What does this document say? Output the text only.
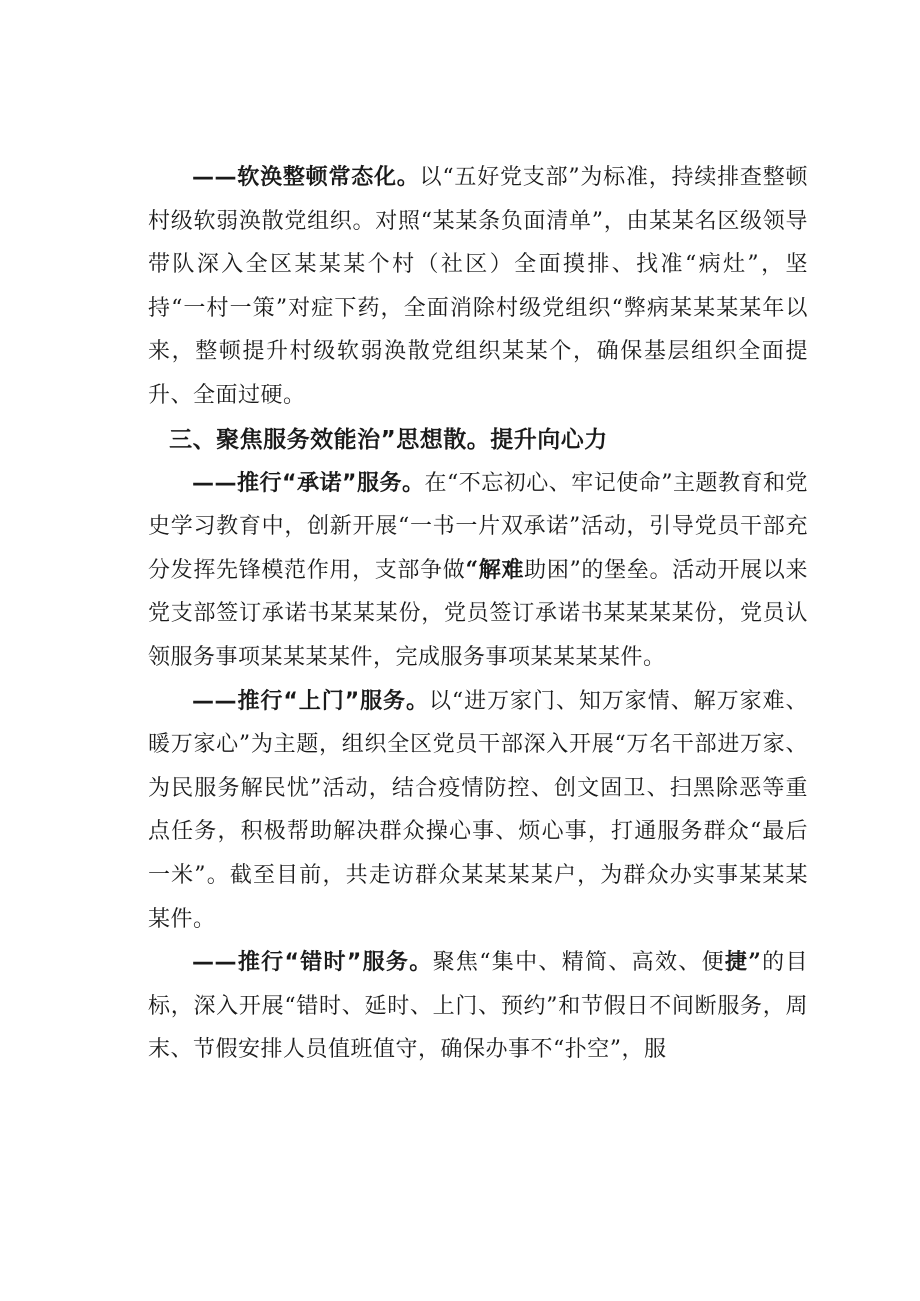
——软涣整顿常态化。以“五好党支部”为标准，持续排查整顿村级软弱涣散党组织。对照“某某条负面清单”，由某某名区级领导带队深入全区某某某个村（社区）全面摸排、找准“病灶”，坚持“一村一策”对症下药，全面消除村级党组织“弊病某某某某年以来，整顿提升村级软弱涣散党组织某某个，确保基层组织全面提升、全面过硬。

三、聚焦服务效能治”思想散。提升向心力

——推行“承诺”服务。在“不忘初心、牢记使命”主题教育和党史学习教育中，创新开展“一书一片双承诺”活动，引导党员干部充分发挥先锋模范作用，支部争做“解难助困”的堡垒。活动开展以来党支部签订承诺书某某某份，党员签订承诺书某某某某份，党员认领服务事项某某某某件，完成服务事项某某某某件。

——推行“上门”服务。以“进万家门、知万家情、解万家难、暖万家心”为主题，组织全区党员干部深入开展“万名干部进万家、为民服务解民忧”活动，结合疫情防控、创文固卫、扫黑除恶等重点任务，积极帮助解决群众操心事、烦心事，打通服务群众“最后一米”。截至目前，共走访群众某某某某户，为群众办实事某某某某件。

——推行“错时”服务。聚焦“集中、精简、高效、便捷”的目标，深入开展“错时、延时、上门、预约”和节假日不间断服务，周末、节假安排人员值班值守，确保办事不“扑空”，服
